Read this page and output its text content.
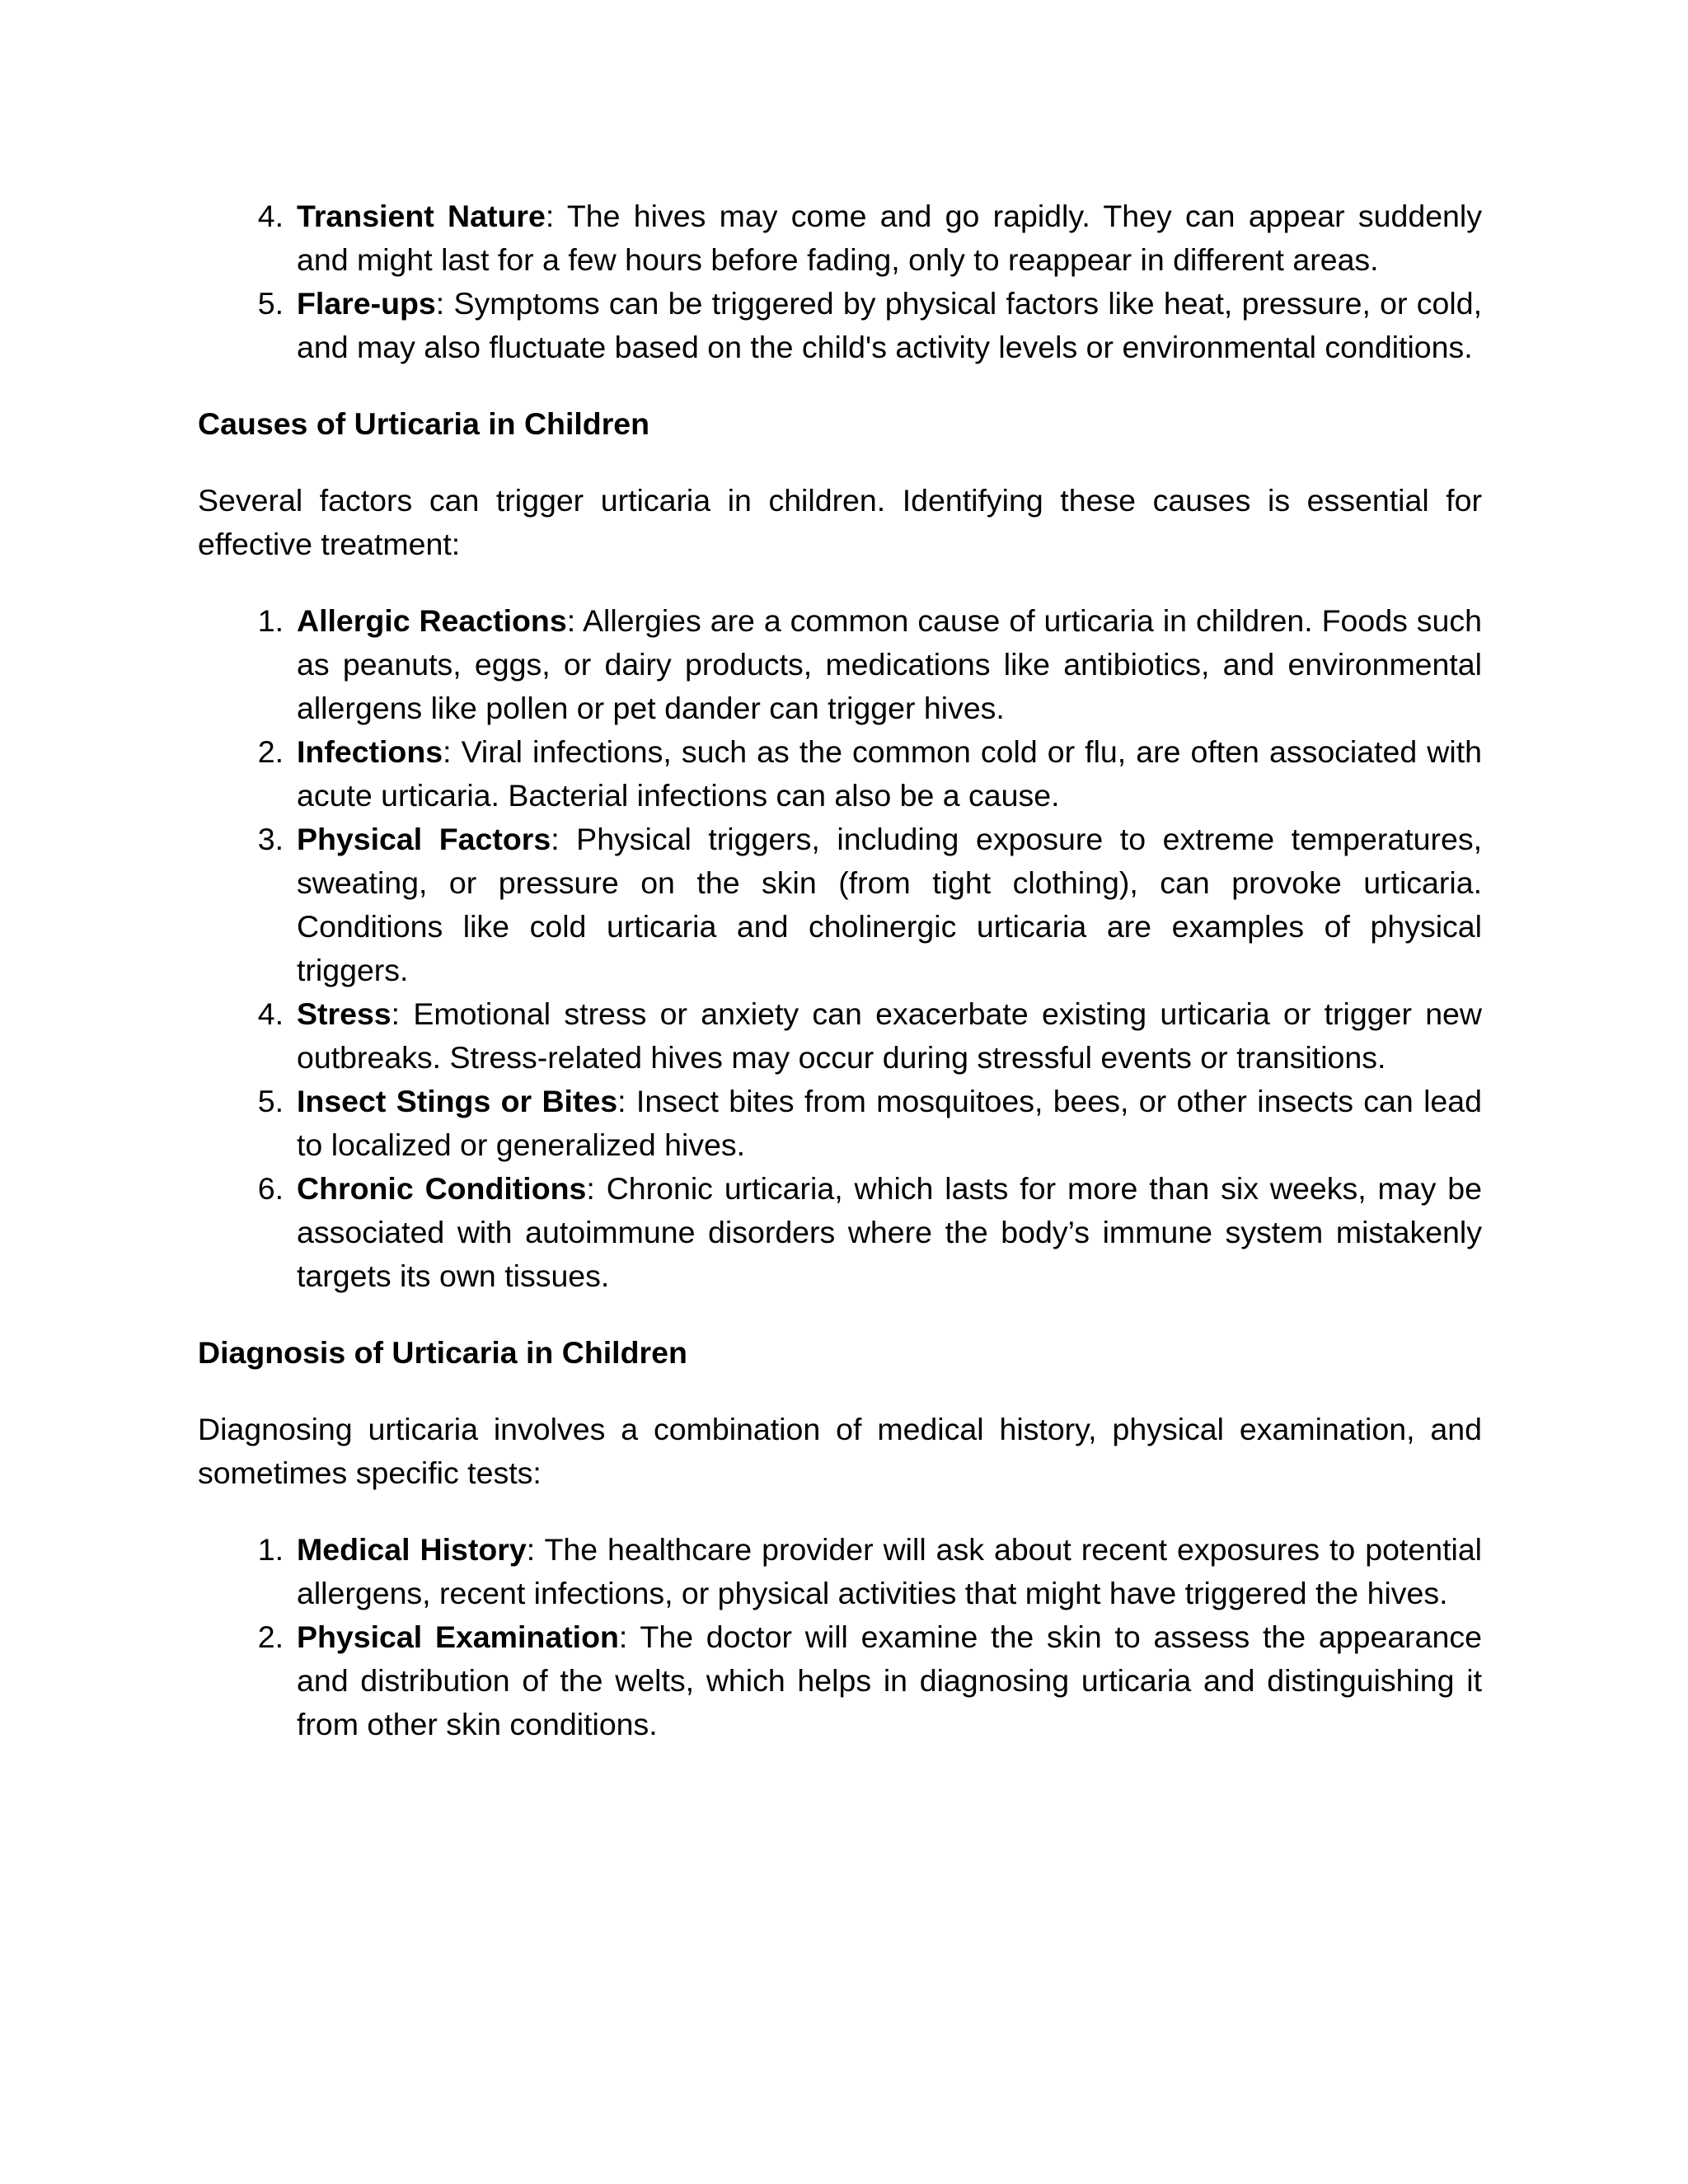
4. Transient Nature: The hives may come and go rapidly. They can appear suddenly and might last for a few hours before fading, only to reappear in different areas.
5. Flare-ups: Symptoms can be triggered by physical factors like heat, pressure, or cold, and may also fluctuate based on the child's activity levels or environmental conditions.

Causes of Urticaria in Children

Several factors can trigger urticaria in children. Identifying these causes is essential for effective treatment:

1. Allergic Reactions: Allergies are a common cause of urticaria in children. Foods such as peanuts, eggs, or dairy products, medications like antibiotics, and environmental allergens like pollen or pet dander can trigger hives.
2. Infections: Viral infections, such as the common cold or flu, are often associated with acute urticaria. Bacterial infections can also be a cause.
3. Physical Factors: Physical triggers, including exposure to extreme temperatures, sweating, or pressure on the skin (from tight clothing), can provoke urticaria. Conditions like cold urticaria and cholinergic urticaria are examples of physical triggers.
4. Stress: Emotional stress or anxiety can exacerbate existing urticaria or trigger new outbreaks. Stress-related hives may occur during stressful events or transitions.
5. Insect Stings or Bites: Insect bites from mosquitoes, bees, or other insects can lead to localized or generalized hives.
6. Chronic Conditions: Chronic urticaria, which lasts for more than six weeks, may be associated with autoimmune disorders where the body’s immune system mistakenly targets its own tissues.

Diagnosis of Urticaria in Children

Diagnosing urticaria involves a combination of medical history, physical examination, and sometimes specific tests:

1. Medical History: The healthcare provider will ask about recent exposures to potential allergens, recent infections, or physical activities that might have triggered the hives.
2. Physical Examination: The doctor will examine the skin to assess the appearance and distribution of the welts, which helps in diagnosing urticaria and distinguishing it from other skin conditions.
